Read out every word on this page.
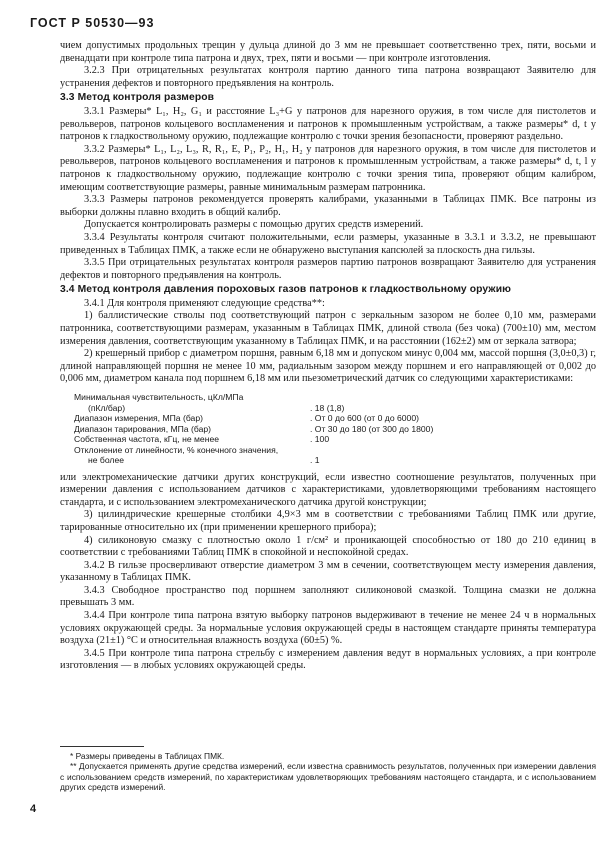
ГОСТ Р 50530—93

чием допустимых продольных трещин у дульца длиной до 3 мм не превышает соответственно трех, пяти, восьми и двенадцати при контроле типа патрона и двух, трех, пяти и восьми — при контроле изготовления.

3.2.3 При отрицательных результатах контроля партию данного типа патрона возвращают Заявителю для устранения дефектов и повторного предъявления на контроль.

3.3 Метод контроля размеров

3.3.1 Размеры* L₁, H₂, G₁ и расстояние L₃+G у патронов для нарезного оружия, в том числе для пистолетов и револьверов, патронов кольцевого воспламенения и патронов к промышленным устройствам, а также размеры* d, t у патронов к гладкоствольному оружию, подлежащие контролю с точки зрения безопасности, проверяют раздельно.

3.3.2 Размеры* L₁, L₂, L₃, R, R₁, E, P₁, P₂, H₁, H₂ у патронов для нарезного оружия, в том числе для пистолетов и револьверов, патронов кольцевого воспламенения и патронов к промышленным устройствам, а также размеры* d, t, l у патронов к гладкоствольному оружию, подлежащие контролю с точки зрения типа, проверяют общим калибром, имеющим соответствующие размеры, равные минимальным размерам патронника.

3.3.3 Размеры патронов рекомендуется проверять калибрами, указанными в Таблицах ПМК. Все патроны из выборки должны плавно входить в общий калибр.

Допускается контролировать размеры с помощью других средств измерений.

3.3.4 Результаты контроля считают положительными, если размеры, указанные в 3.3.1 и 3.3.2, не превышают приведенных в Таблицах ПМК, а также если не обнаружено выступания капсюлей за плоскость дна гильзы.

3.3.5 При отрицательных результатах контроля размеров партию патронов возвращают Заявителю для устранения дефектов и повторного предъявления на контроль.

3.4 Метод контроля давления пороховых газов патронов к гладкоствольному оружию

3.4.1 Для контроля применяют следующие средства**:

1) баллистические стволы под соответствующий патрон с зеркальным зазором не более 0,10 мм, размерами патронника, соответствующими размерам, указанным в Таблицах ПМК, длиной ствола (без чока) (700±10) мм, местом измерения давления, соответствующим указанному в Таблицах ПМК, и на расстоянии (162±2) мм от зеркала затвора;

2) крешерный прибор с диаметром поршня, равным 6,18 мм и допуском минус 0,004 мм, массой поршня (3,0±0,3) г, длиной направляющей поршня не менее 10 мм, радиальным зазором между поршнем и его направляющей от 0,002 до 0,006 мм, диаметром канала под поршнем 6,18 мм или пьезометрический датчик со следующими характеристиками:

Минимальная чувствительность, цКл/МПа
(пКл/бар)	. 18 (1,8)
Диапазон измерения, МПа (бар)	. От 0 до 600 (от 0 до 6000)
Диапазон тарирования, МПа (бар)	. От 30 до 180 (от 300 до 1800)
Собственная частота, кГц, не менее	. 100
Отклонение от линейности, % конечного значения,
не более	. 1

или электромеханические датчики других конструкций, если известно соотношение результатов, полученных при измерении давления с использованием датчиков с характеристиками, удовлетворяющими требованиям настоящего стандарта, и с использованием электромеханического датчика другой конструкции;

3) цилиндрические крешерные столбики 4,9×3 мм в соответствии с требованиями Таблиц ПМК или другие, тарированные относительно их (при применении крешерного прибора);

4) силиконовую смазку с плотностью около 1 г/см² и проникающей способностью от 180 до 210 единиц в соответствии с требованиями Таблиц ПМК в спокойной и неспокойной средах.

3.4.2 В гильзе просверливают отверстие диаметром 3 мм в сечении, соответствующем месту измерения давления, указанному в Таблицах ПМК.

3.4.3 Свободное пространство под поршнем заполняют силиконовой смазкой. Толщина смазки не должна превышать 3 мм.

3.4.4 При контроле типа патрона взятую выборку патронов выдерживают в течение не менее 24 ч в нормальных условиях окружающей среды. За нормальные условия окружающей среды в настоящем стандарте приняты температура воздуха (21±1) °С и относительная влажность воздуха (60±5) %.

3.4.5 При контроле типа патрона стрельбу с измерением давления ведут в нормальных условиях, а при контроле изготовления — в любых условиях окружающей среды.

* Размеры приведены в Таблицах ПМК.

** Допускается применять другие средства измерений, если известна сравнимость результатов, полученных при измерении давления с использованием средств измерений, по характеристикам удовлетворяющих требованиям настоящего стандарта, и с использованием других средств измерений.

4
